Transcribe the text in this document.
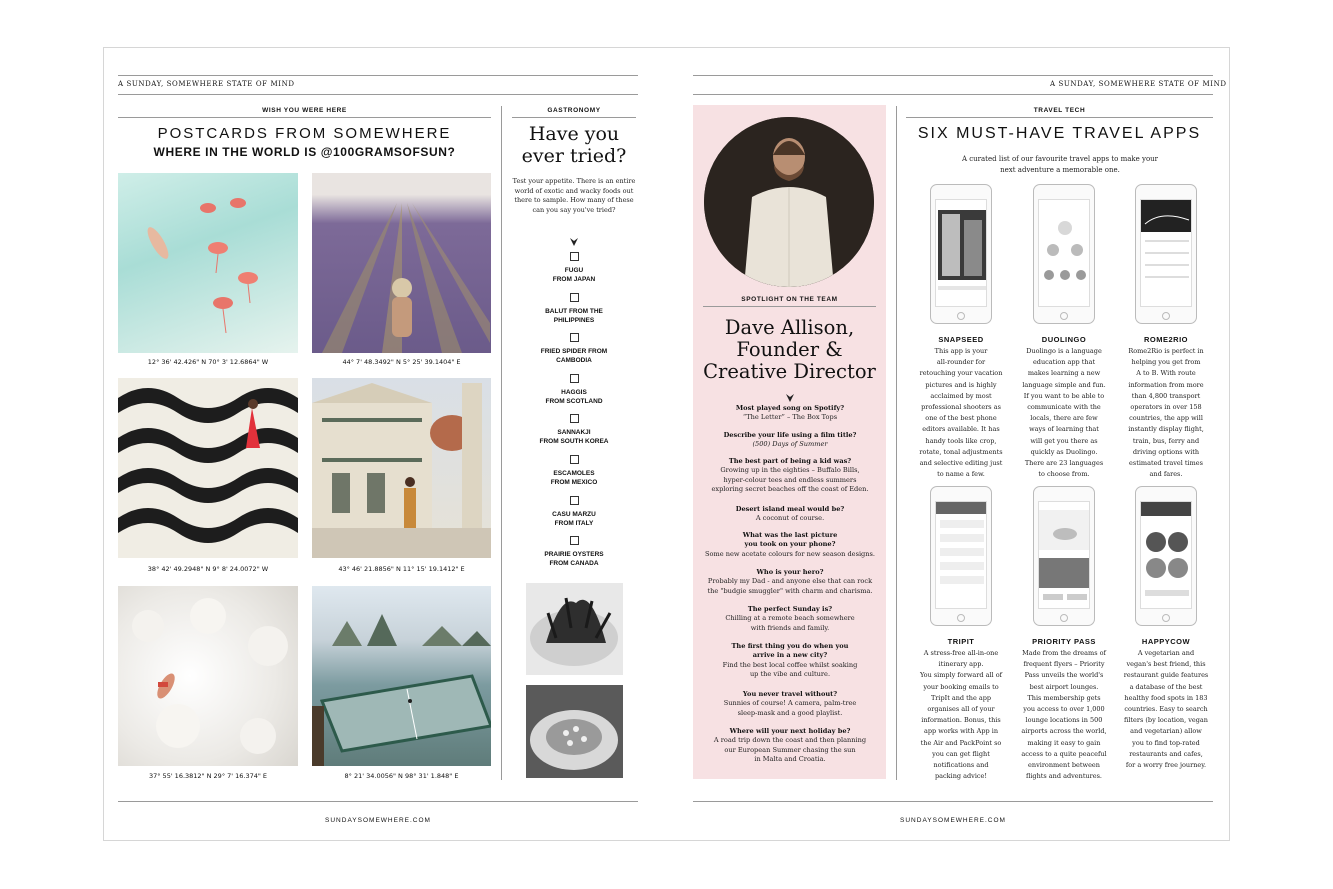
A SUNDAY, SOMEWHERE STATE OF MIND
WISH YOU WERE HERE
POSTCARDS FROM SOMEWHERE
WHERE IN THE WORLD IS @100GRAMSOFSUN?
12° 36' 42.426" N 70° 3' 12.6864" W	44° 7' 48.3492" N 5° 25' 39.1404" E
38° 42' 49.2948" N 9° 8' 24.0072" W	43° 46' 21.8856" N 11° 15' 19.1412" E
37° 55' 16.3812" N 29° 7' 16.374" E	8° 21' 34.0056" N 98° 31' 1.848" E
GASTRONOMY
Have you ever tried?
Test your appetite. There is an entire world of exotic and wacky foods out there to sample. How many of these can you say you've tried?
FUGU
FROM JAPAN
BALUT FROM THE
PHILIPPINES
FRIED SPIDER FROM
CAMBODIA
HAGGIS
FROM SCOTLAND
SANNAKJI
FROM SOUTH KOREA
ESCAMOLES
FROM MEXICO
CASU MARZU
FROM ITALY
PRAIRIE OYSTERS
FROM CANADA
SUNDAYSOMEWHERE.COM
A SUNDAY, SOMEWHERE STATE OF MIND
SPOTLIGHT ON THE TEAM
Dave Allison, Founder & Creative Director
Most played song on Spotify?
“The Letter” – The Box Tops
Describe your life using a film title?
(500) Days of Summer
The best part of being a kid was?
Growing up in the eighties – Buffalo Bills,
hyper-colour tees and endless summers
exploring secret beaches off the coast of Eden.
Desert island meal would be?
A coconut of course.
What was the last picture
you took on your phone?
Some new acetate colours for new season designs.
Who is your hero?
Probably my Dad - and anyone else that can rock
the "budgie smuggler" with charm and charisma.
The perfect Sunday is?
Chilling at a remote beach somewhere
with friends and family.
The first thing you do when you
arrive in a new city?
Find the best local coffee whilst soaking
up the vibe and culture.
You never travel without?
Sunnies of course! A camera, palm-tree
sleep-mask and a good playlist.
Where will your next holiday be?
A road trip down the coast and then planning
our European Summer chasing the sun
in Malta and Croatia.
TRAVEL TECH
SIX MUST-HAVE TRAVEL APPS
A curated list of our favourite travel apps to make your next adventure a memorable one.
SNAPSEED
This app is your
all-rounder for
retouching your vacation
pictures and is highly
acclaimed by most
professional shooters as
one of the best phone
editors available. It has
handy tools like crop,
rotate, tonal adjustments
and selective editing just
to name a few.
DUOLINGO
Duolingo is a language
education app that
makes learning a new
language simple and fun.
If you want to be able to
communicate with the
locals, there are few
ways of learning that
will get you there as
quickly as Duolingo.
There are 23 languages
to choose from.
ROME2RIO
Rome2Rio is perfect in
helping you get from
A to B. With route
information from more
than 4,800 transport
operators in over 158
countries, the app will
instantly display flight,
train, bus, ferry and
driving options with
estimated travel times
and fares.
TRIPIT
A stress-free all-in-one
itinerary app.
You simply forward all of
your booking emails to
TripIt and the app
organises all of your
information. Bonus, this
app works with App in
the Air and PackPoint so
you can get flight
notifications and
packing advice!
PRIORITY PASS
Made from the dreams of
frequent flyers – Priority
Pass unveils the world's
best airport lounges.
This membership gets
you access to over 1,000
lounge locations in 500
airports across the world,
making it easy to gain
access to a quite peaceful
environment between
flights and adventures.
HAPPYCOW
A vegetarian and
vegan's best friend, this
restaurant guide features
a database of the best
healthy food spots in 183
countries. Easy to search
filters (by location, vegan
and vegetarian) allow
you to find top-rated
restaurants and cafes,
for a worry free journey.
SUNDAYSOMEWHERE.COM
